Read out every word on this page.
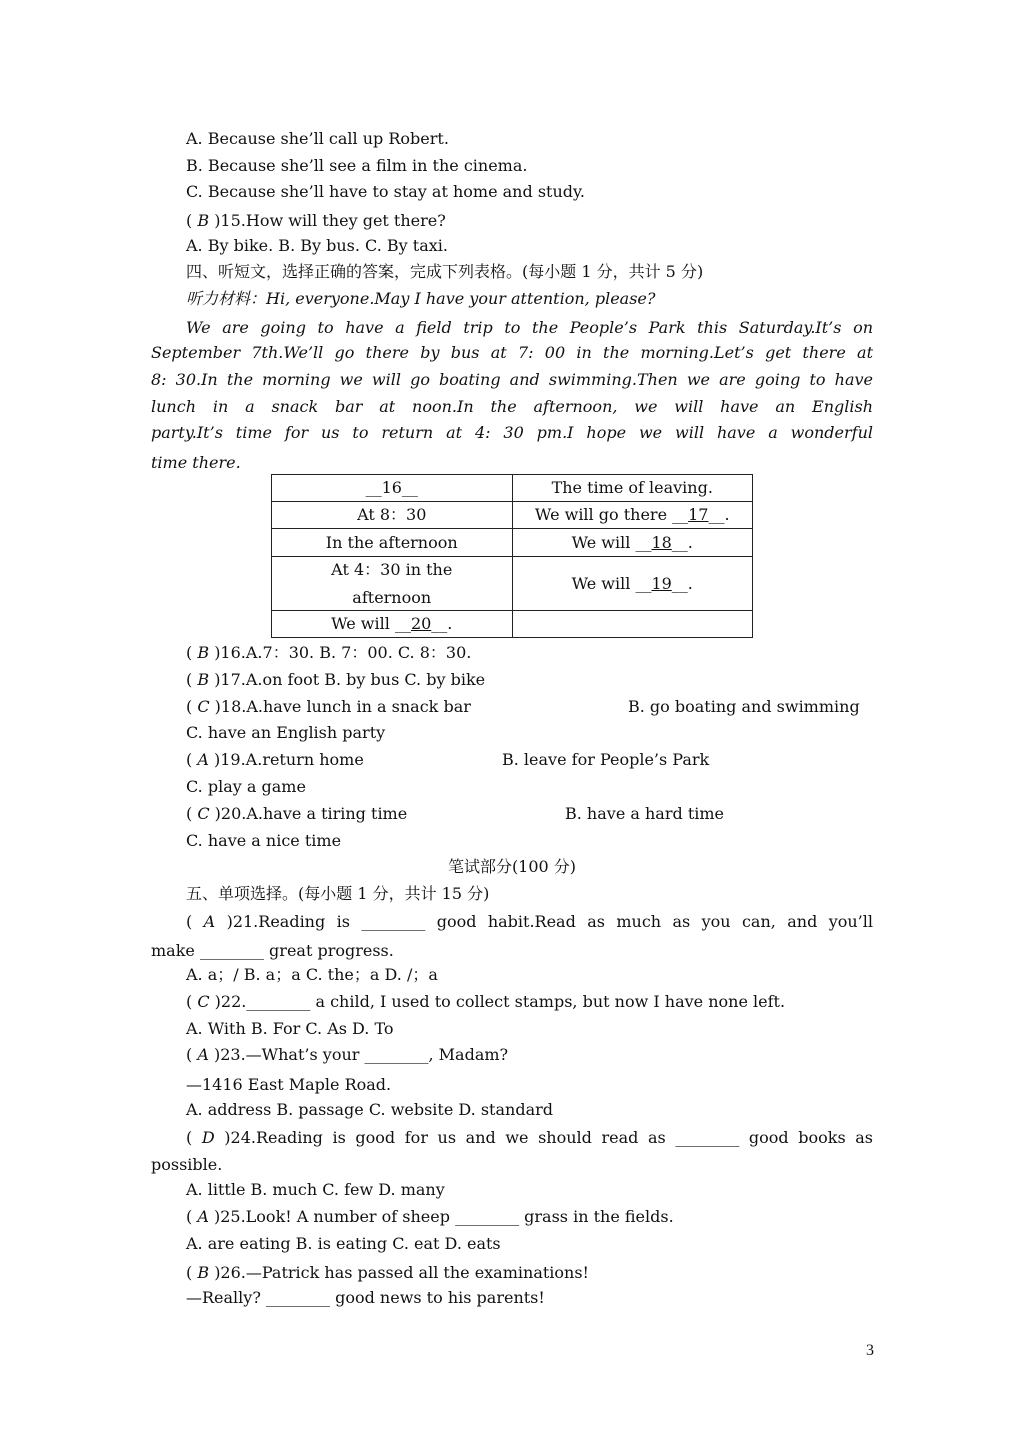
A. Because she’ll call up Robert.
B. Because she’ll see a film in the cinema.
C. Because she’ll have to stay at home and study.
( B )15.How will they get there?
A. By bike. B. By bus. C. By taxi.
四、听短文，选择正确的答案，完成下列表格。(每小题 1 分，共计 5 分)
听力材料：Hi, everyone.May I have your attention, please?
We are going to have a field trip to the People’s Park this Saturday.It’s on
September 7th.We’ll go there by bus at 7: 00 in the morning.Let’s get there at
8: 30.In the morning we will go boating and swimming.Then we are going to have
lunch in a snack bar at noon.In the afternoon, we will have an English
party.It’s time for us to return at 4: 30 pm.I hope we will have a wonderful
time there.
__16__	The time of leaving.
At 8：30	We will go there __17__.
In the afternoon	We will __18__.

At 4：30 in the
afternoon	We will __19__.
We will __20__.	
( B )16.A.7：30. B. 7：00. C. 8：30.
( B )17.A.on foot B. by bus C. by bike
( C )18.A.have lunch in a snack bar	B. go boating and swimming
C. have an English party
( A )19.A.return home	B. leave for People’s Park
C. play a game
( C )20.A.have a tiring time	B. have a hard time
C. have a nice time
笔试部分(100 分)
五、单项选择。(每小题 1 分，共计 15 分)
( A )21.Reading is ________ good habit.Read as much as you can, and you’ll
make ________ great progress.
A. a；/ B. a；a C. the；a D. /；a
( C )22.________ a child, I used to collect stamps, but now I have none left.
A. With B. For C. As D. To
( A )23.—What’s your ________, Madam?
—1416 East Maple Road.
A. address B. passage C. website D. standard
( D )24.Reading is good for us and we should read as ________ good books as
possible.
A. little B. much C. few D. many
( A )25.Look! A number of sheep ________ grass in the fields.
A. are eating B. is eating C. eat D. eats
( B )26.—Patrick has passed all the examinations!
—Really? ________ good news to his parents!
3
